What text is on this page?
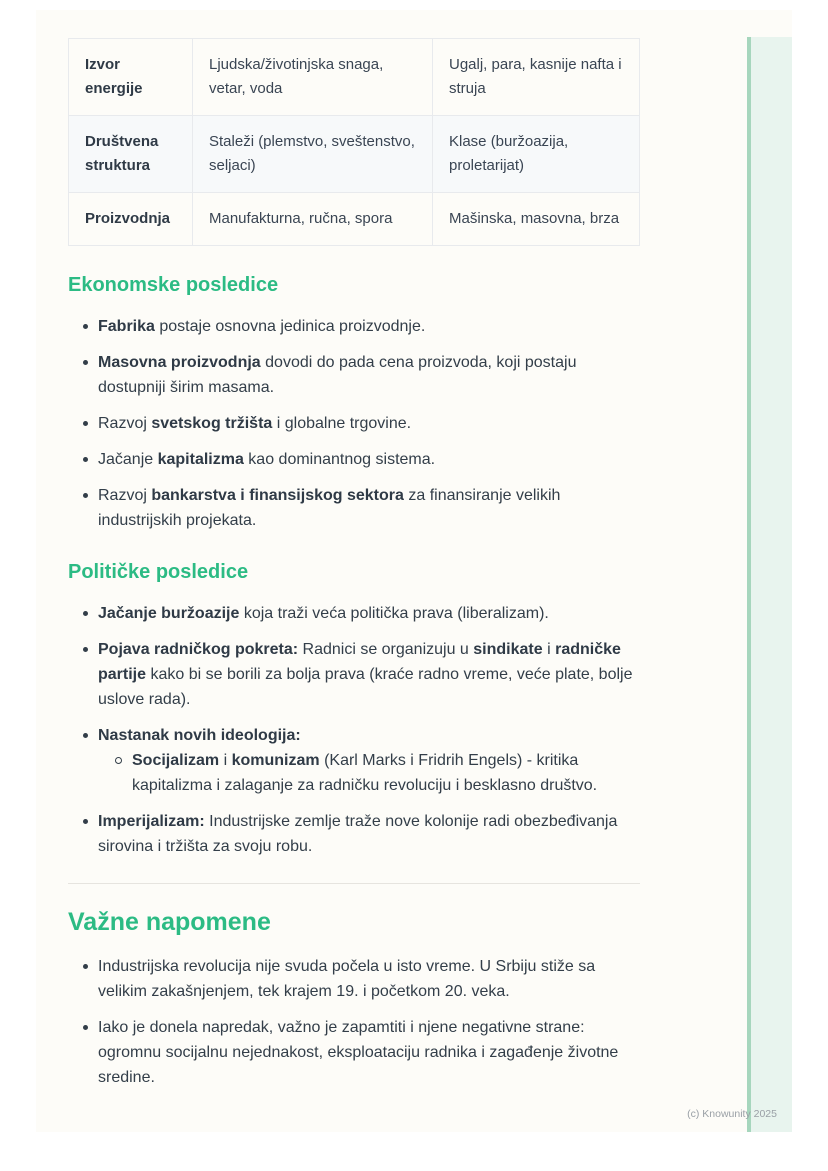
Izvor energije	Ljudska/životinjska snaga, vetar, voda	Ugalj, para, kasnije nafta i struja
Društvena struktura	Staleži (plemstvo, sveštenstvo, seljaci)	Klase (buržoazija, proletarijat)
Proizvodnja	Manufakturna, ručna, spora	Mašinska, masovna, brza
Ekonomske posledice
Fabrika postaje osnovna jedinica proizvodnje.
Masovna proizvodnja dovodi do pada cena proizvoda, koji postaju dostupniji širim masama.
Razvoj svetskog tržišta i globalne trgovine.
Jačanje kapitalizma kao dominantnog sistema.
Razvoj bankarstva i finansijskog sektora za finansiranje velikih industrijskih projekata.
Političke posledice
Jačanje buržoazije koja traži veća politička prava (liberalizam).
Pojava radničkog pokreta: Radnici se organizuju u sindikate i radničke partije kako bi se borili za bolja prava (kraće radno vreme, veće plate, bolje uslove rada).
Nastanak novih ideologija:
Socijalizam i komunizam (Karl Marks i Fridrih Engels) - kritika kapitalizma i zalaganje za radničku revoluciju i besklasno društvo.
Imperijalizam: Industrijske zemlje traže nove kolonije radi obezbeđivanja sirovina i tržišta za svoju robu.
Važne napomene
Industrijska revolucija nije svuda počela u isto vreme. U Srbiju stiže sa velikim zakašnjenjem, tek krajem 19. i početkom 20. veka.
Iako je donela napredak, važno je zapamtiti i njene negativne strane: ogromnu socijalnu nejednakost, eksploataciju radnika i zagađenje životne sredine.
(c) Knowunity 2025
